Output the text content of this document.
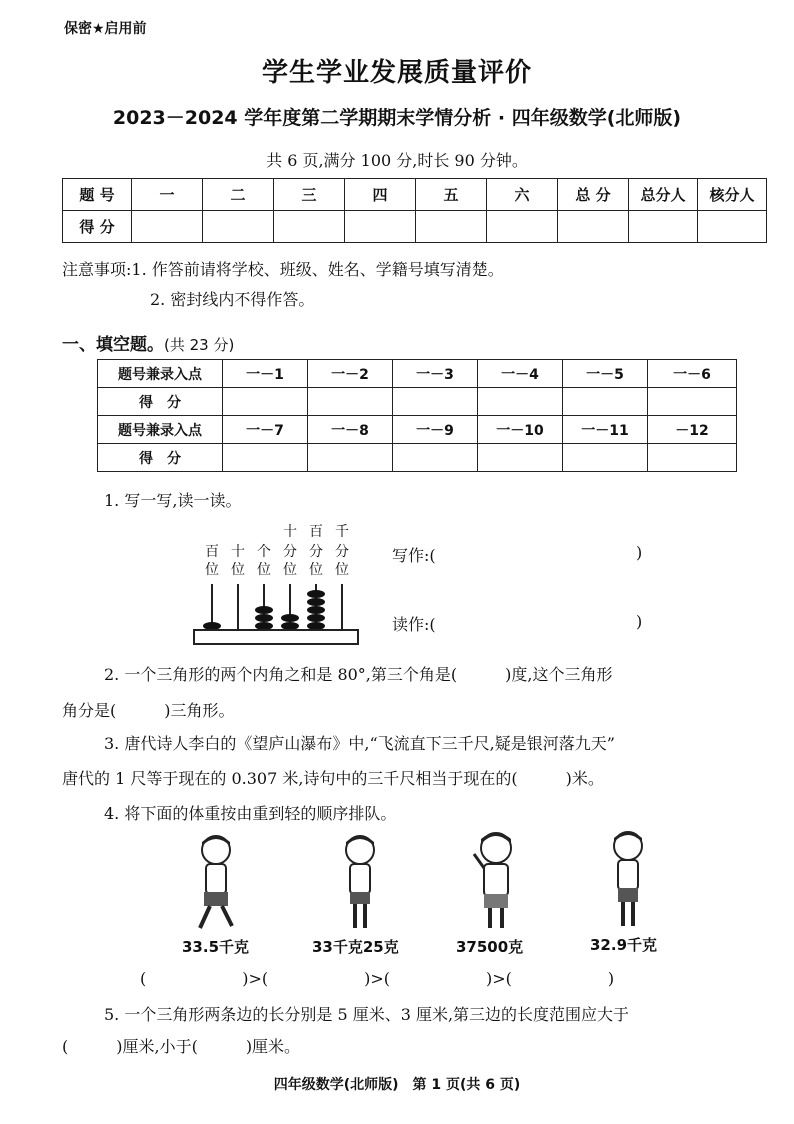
保密★启用前
学生学业发展质量评价
2023－2024 学年度第二学期期末学情分析 · 四年级数学(北师版)
共 6 页,满分 100 分,时长 90 分钟。
题 号	一	二	三	四	五	六	总 分	总分人	核分人
得 分									
注意事项:1. 作答前请将学校、班级、姓名、学籍号填写清楚。
2. 密封线内不得作答。
一、填空题。(共 23 分)
题号兼录入点	一－1	一－2	一－3	一－4	一－5	一－6
得　分						
题号兼录入点	一－7	一－8	一－9	一－10	一－11	－12
得　分						
1. 写一写,读一读。
十 百 千
百 十 个 分 分 分
位 位 位 位 位 位
写作:(	)
读作:(	)
2. 一个三角形的两个内角之和是 80°,第三个角是(　　　)度,这个三角形
角分是(　　　)三角形。
3. 唐代诗人李白的《望庐山瀑布》中,“飞流直下三千尺,疑是银河落九天”
唐代的 1 尺等于现在的 0.307 米,诗句中的三千尺相当于现在的(　　　)米。
4. 将下面的体重按由重到轻的顺序排队。
33.5千克	33千克25克	37500克	32.9千克
(　　　　　　)>(　　　　　　)>(　　　　　　)>(　　　　　　)
5. 一个三角形两条边的长分别是 5 厘米、3 厘米,第三边的长度范围应大于
(　　　)厘米,小于(　　　)厘米。
四年级数学(北师版)　第 1 页(共 6 页)
